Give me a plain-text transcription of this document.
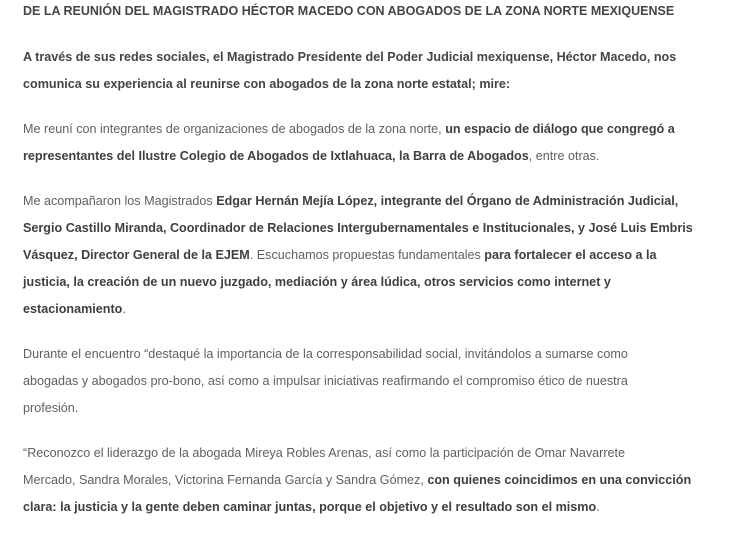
DE LA REUNIÓN DEL MAGISTRADO HÉCTOR MACEDO CON ABOGADOS DE LA ZONA NORTE MEXIQUENSE

A través de sus redes sociales, el Magistrado Presidente del Poder Judicial mexiquense, Héctor Macedo, nos
comunica su experiencia al reunirse con abogados de la zona norte estatal; mire:

Me reuní con integrantes de organizaciones de abogados de la zona norte, un espacio de diálogo que congregó a
representantes del Ilustre Colegio de Abogados de Ixtlahuaca, la Barra de Abogados, entre otras.

Me acompañaron los Magistrados Edgar Hernán Mejía López, integrante del Órgano de Administración Judicial,
Sergio Castillo Miranda, Coordinador de Relaciones Intergubernamentales e Institucionales, y José Luis Embris
Vásquez, Director General de la EJEM. Escuchamos propuestas fundamentales para fortalecer el acceso a la
justicia, la creación de un nuevo juzgado, mediación y área lúdica, otros servicios como internet y
estacionamiento.

Durante el encuentro “destaqué la importancia de la corresponsabilidad social, invitándolos a sumarse como
abogadas y abogados pro-bono, así como a impulsar iniciativas reafirmando el compromiso ético de nuestra
profesión.

“Reconozco el liderazgo de la abogada Mireya Robles Arenas, así como la participación de Omar Navarrete
Mercado, Sandra Morales, Victorina Fernanda García y Sandra Gómez, con quienes coincidimos en una convicción
clara: la justicia y la gente deben caminar juntas, porque el objetivo y el resultado son el mismo.
